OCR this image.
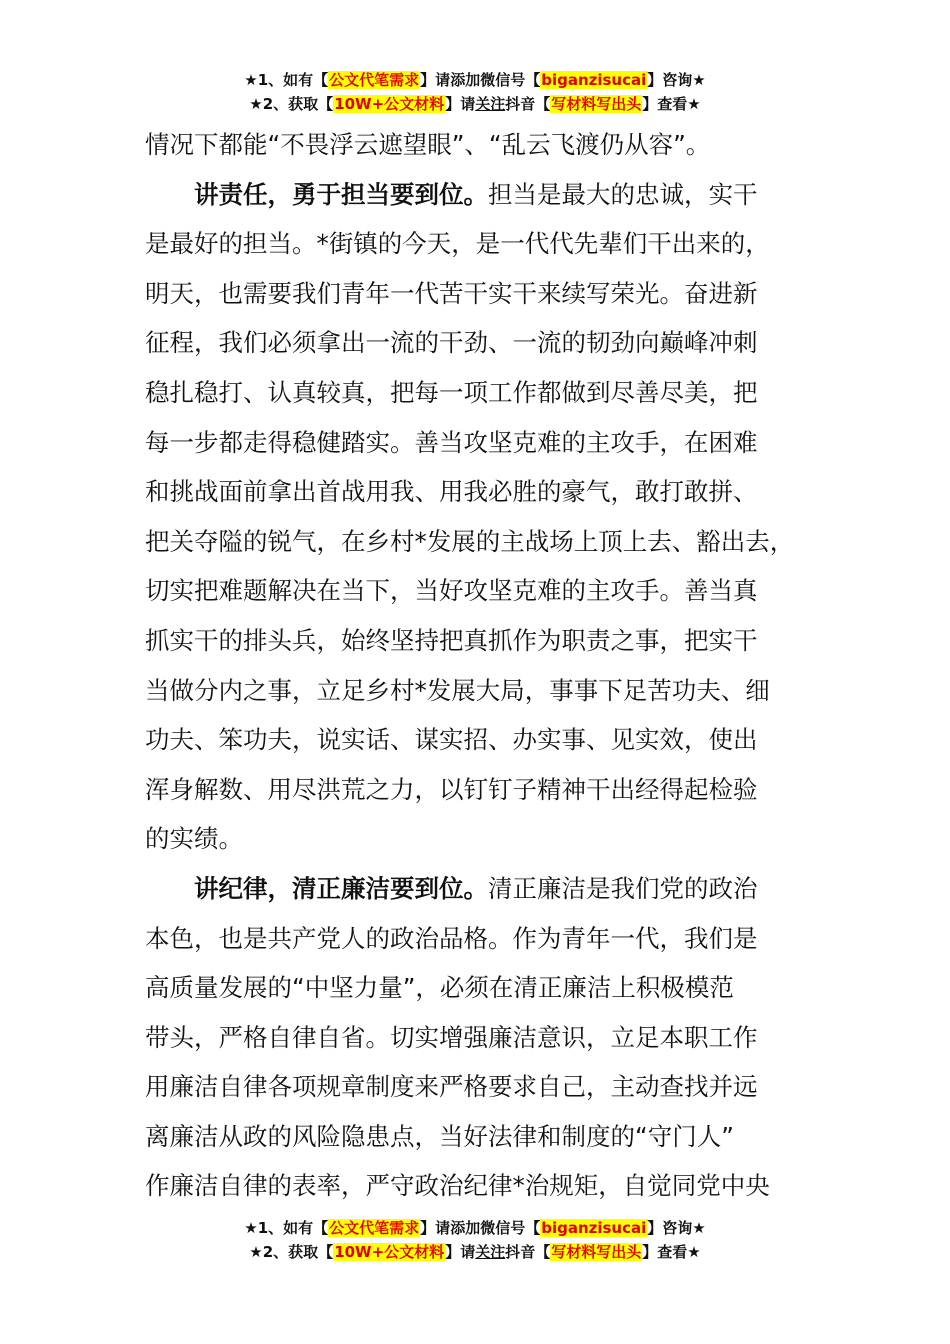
★1、如有【公文代笔需求】请添加微信号【biganzisucai】咨询★
★2、获取【10W+公文材料】请关注抖音【写材料写出头】查看★
情况下都能“不畏浮云遮望眼”、“乱云飞渡仍从容”。
讲责任，勇于担当要到位。担当是最大的忠诚，实干
是最好的担当。*街镇的今天，是一代代先辈们干出来的，
明天，也需要我们青年一代苦干实干来续写荣光。奋进新
征程，我们必须拿出一流的干劲、一流的韧劲向巅峰冲刺
稳扎稳打、认真较真，把每一项工作都做到尽善尽美，把
每一步都走得稳健踏实。善当攻坚克难的主攻手，在困难
和挑战面前拿出首战用我、用我必胜的豪气，敢打敢拼、
把关夺隘的锐气，在乡村*发展的主战场上顶上去、豁出去，
切实把难题解决在当下，当好攻坚克难的主攻手。善当真
抓实干的排头兵，始终坚持把真抓作为职责之事，把实干
当做分内之事，立足乡村*发展大局，事事下足苦功夫、细
功夫、笨功夫，说实话、谋实招、办实事、见实效，使出
浑身解数、用尽洪荒之力，以钉钉子精神干出经得起检验
的实绩。
讲纪律，清正廉洁要到位。清正廉洁是我们党的政治
本色，也是共产党人的政治品格。作为青年一代，我们是
高质量发展的“中坚力量”，必须在清正廉洁上积极模范
带头，严格自律自省。切实增强廉洁意识，立足本职工作
用廉洁自律各项规章制度来严格要求自己，主动查找并远
离廉洁从政的风险隐患点，当好法律和制度的“守门人”
作廉洁自律的表率，严守政治纪律*治规矩，自觉同党中央
★1、如有【公文代笔需求】请添加微信号【biganzisucai】咨询★
★2、获取【10W+公文材料】请关注抖音【写材料写出头】查看★
